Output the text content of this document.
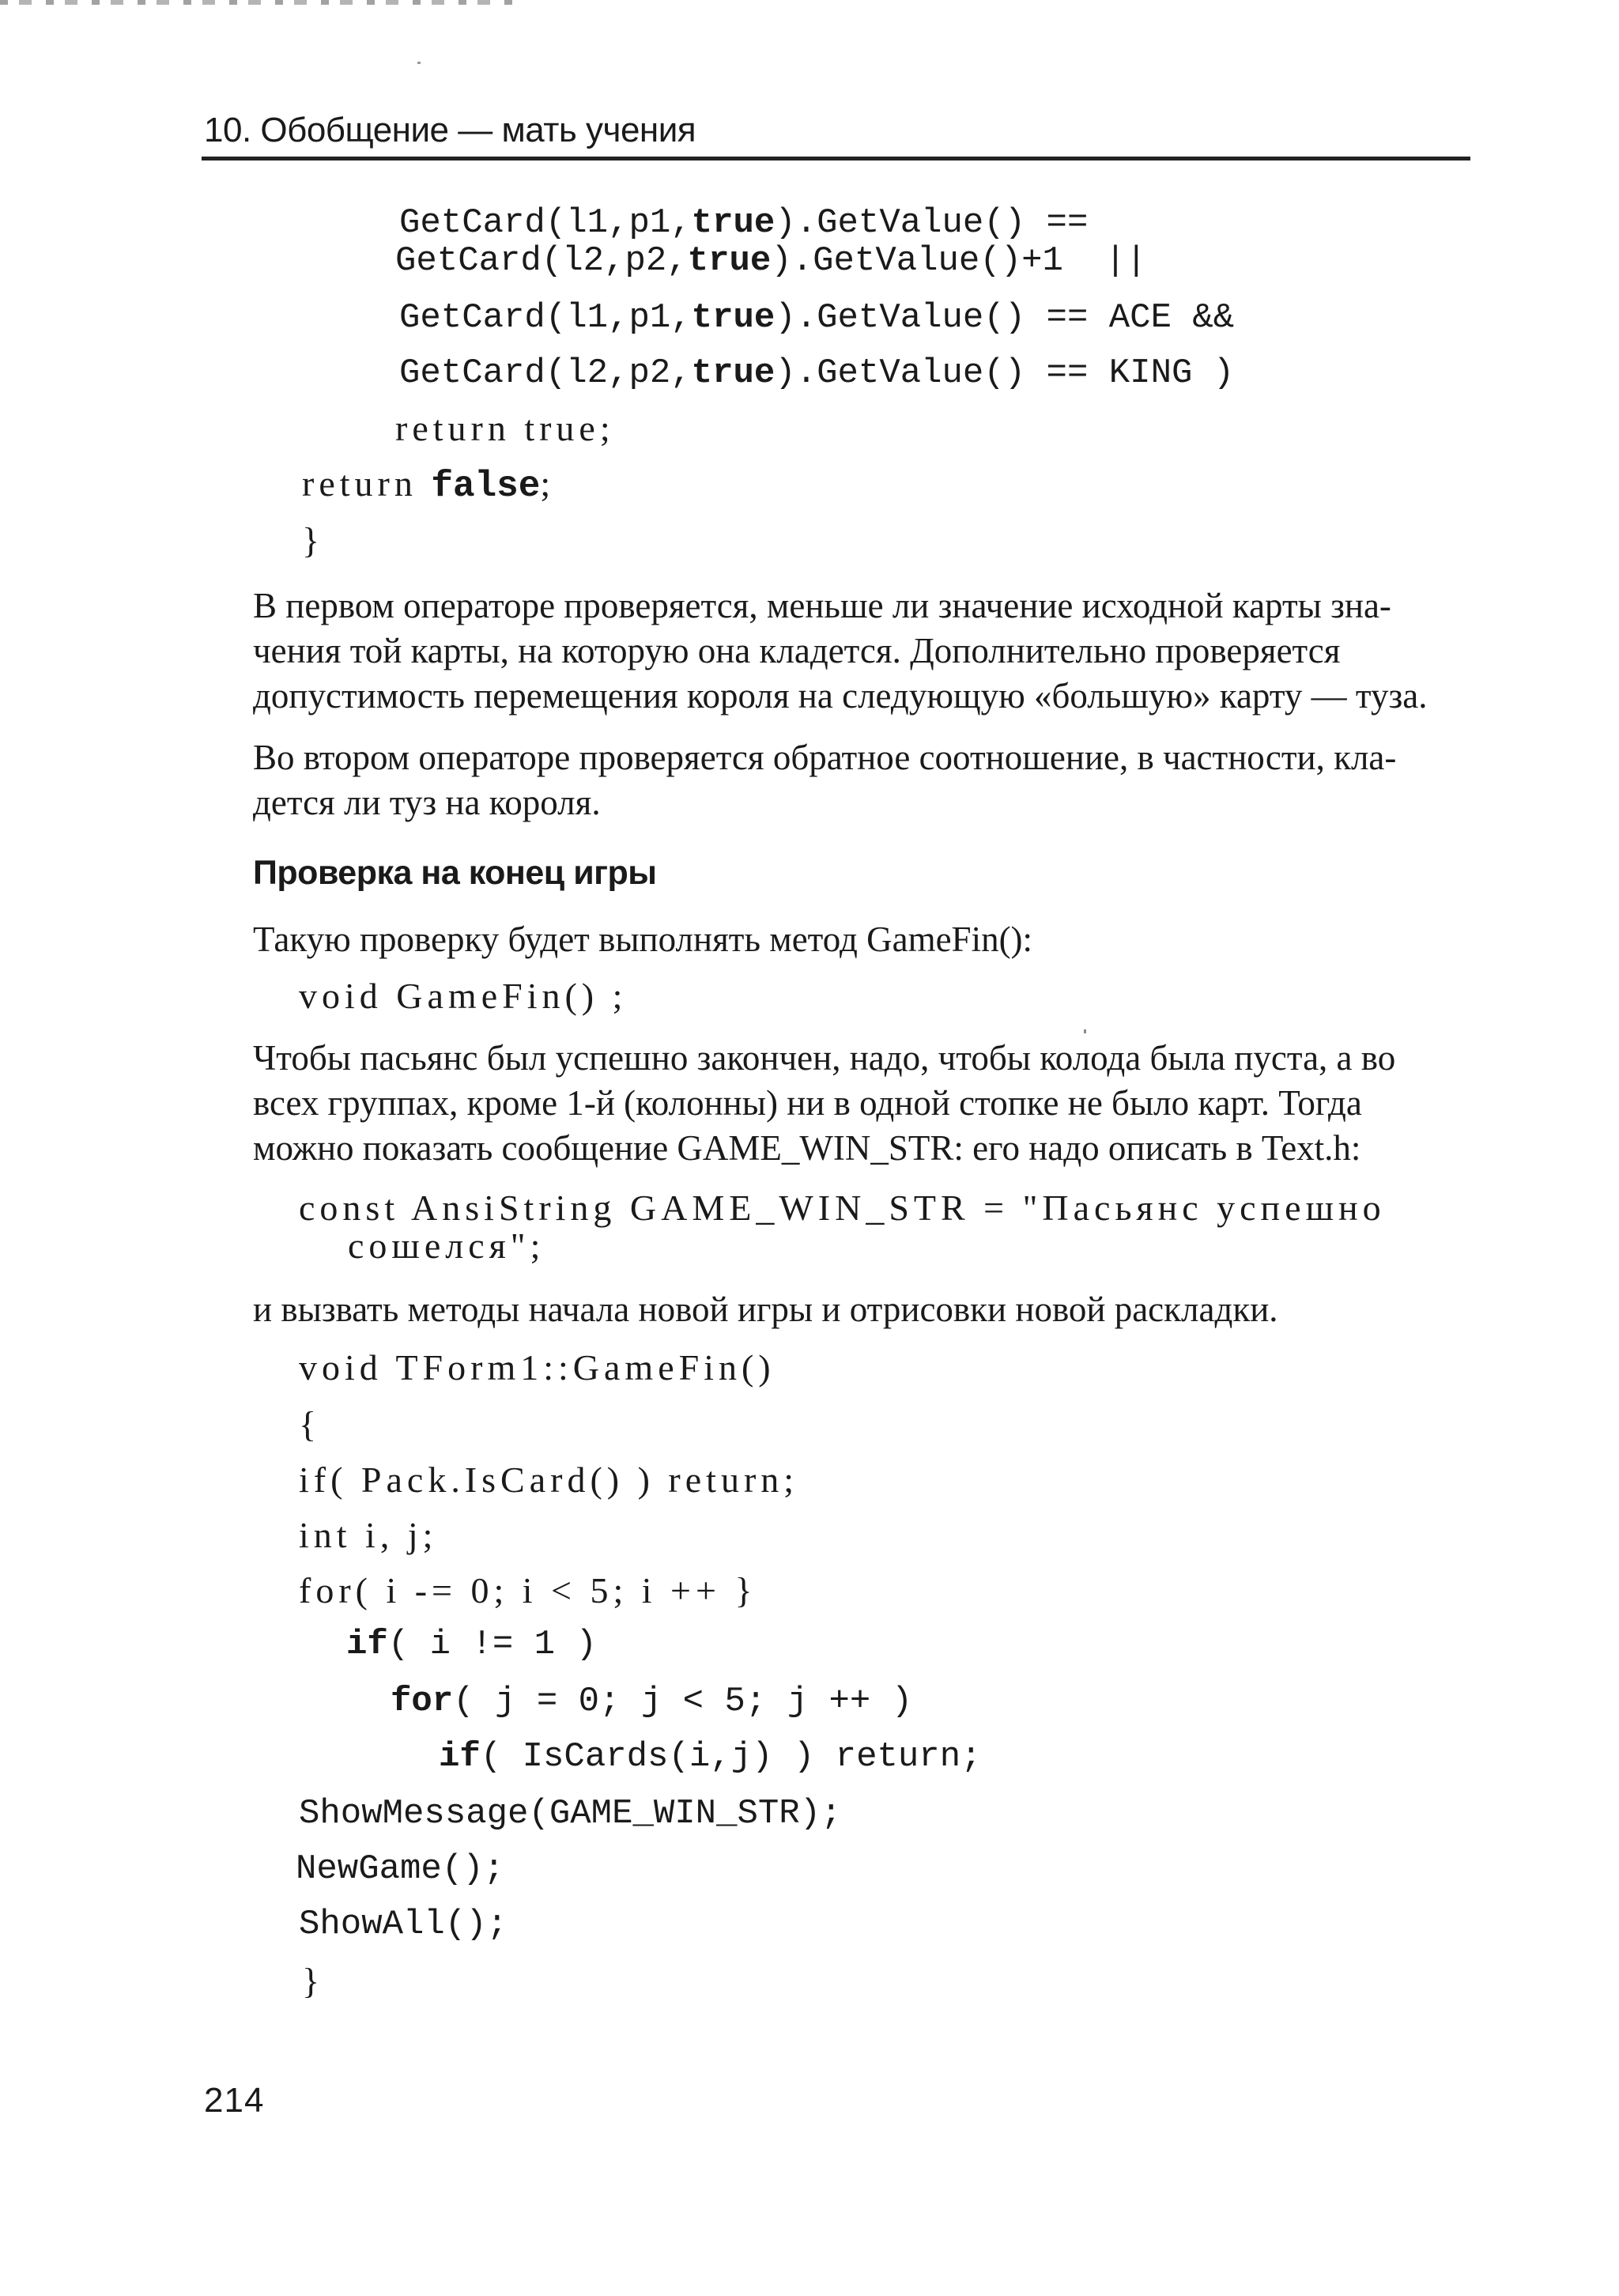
10. Обобщение — мать учения
GetCard(l1,p1,true).GetValue() ==
GetCard(l2,p2,true).GetValue()+1  ||
GetCard(l1,p1,true).GetValue() == ACE &&
GetCard(l2,p2,true).GetValue() == KING )
return true;
return false;
}
В первом операторе проверяется, меньше ли значение исходной карты зна-
чения той карты, на которую она кладется. Дополнительно проверяется
допустимость перемещения короля на следующую «большую» карту — туза.
Во втором операторе проверяется обратное соотношение, в частности, кла-
дется ли туз на короля.
Проверка на конец игры
Такую проверку будет выполнять метод GameFin():
void GameFin() ;
Чтобы пасьянс был успешно закончен, надо, чтобы колода была пуста, а во
всех группах, кроме 1-й (колонны) ни в одной стопке не было карт. Тогда
можно показать сообщение GAME_WIN_STR: его надо описать в Text.h:
const AnsiString GAME_WIN_STR = "Пасьянс успешно
сошелся";
и вызвать методы начала новой игры и отрисовки новой раскладки.
void TForm1::GameFin()
{
if( Pack.IsCard() ) return;
int i, j;
for( i -= 0; i < 5; i ++ }
if( i != 1 )
for( j = 0; j < 5; j ++ )
if( IsCards(i,j) ) return;
ShowMessage(GAME_WIN_STR);
NewGame();
ShowAll();
}
214
